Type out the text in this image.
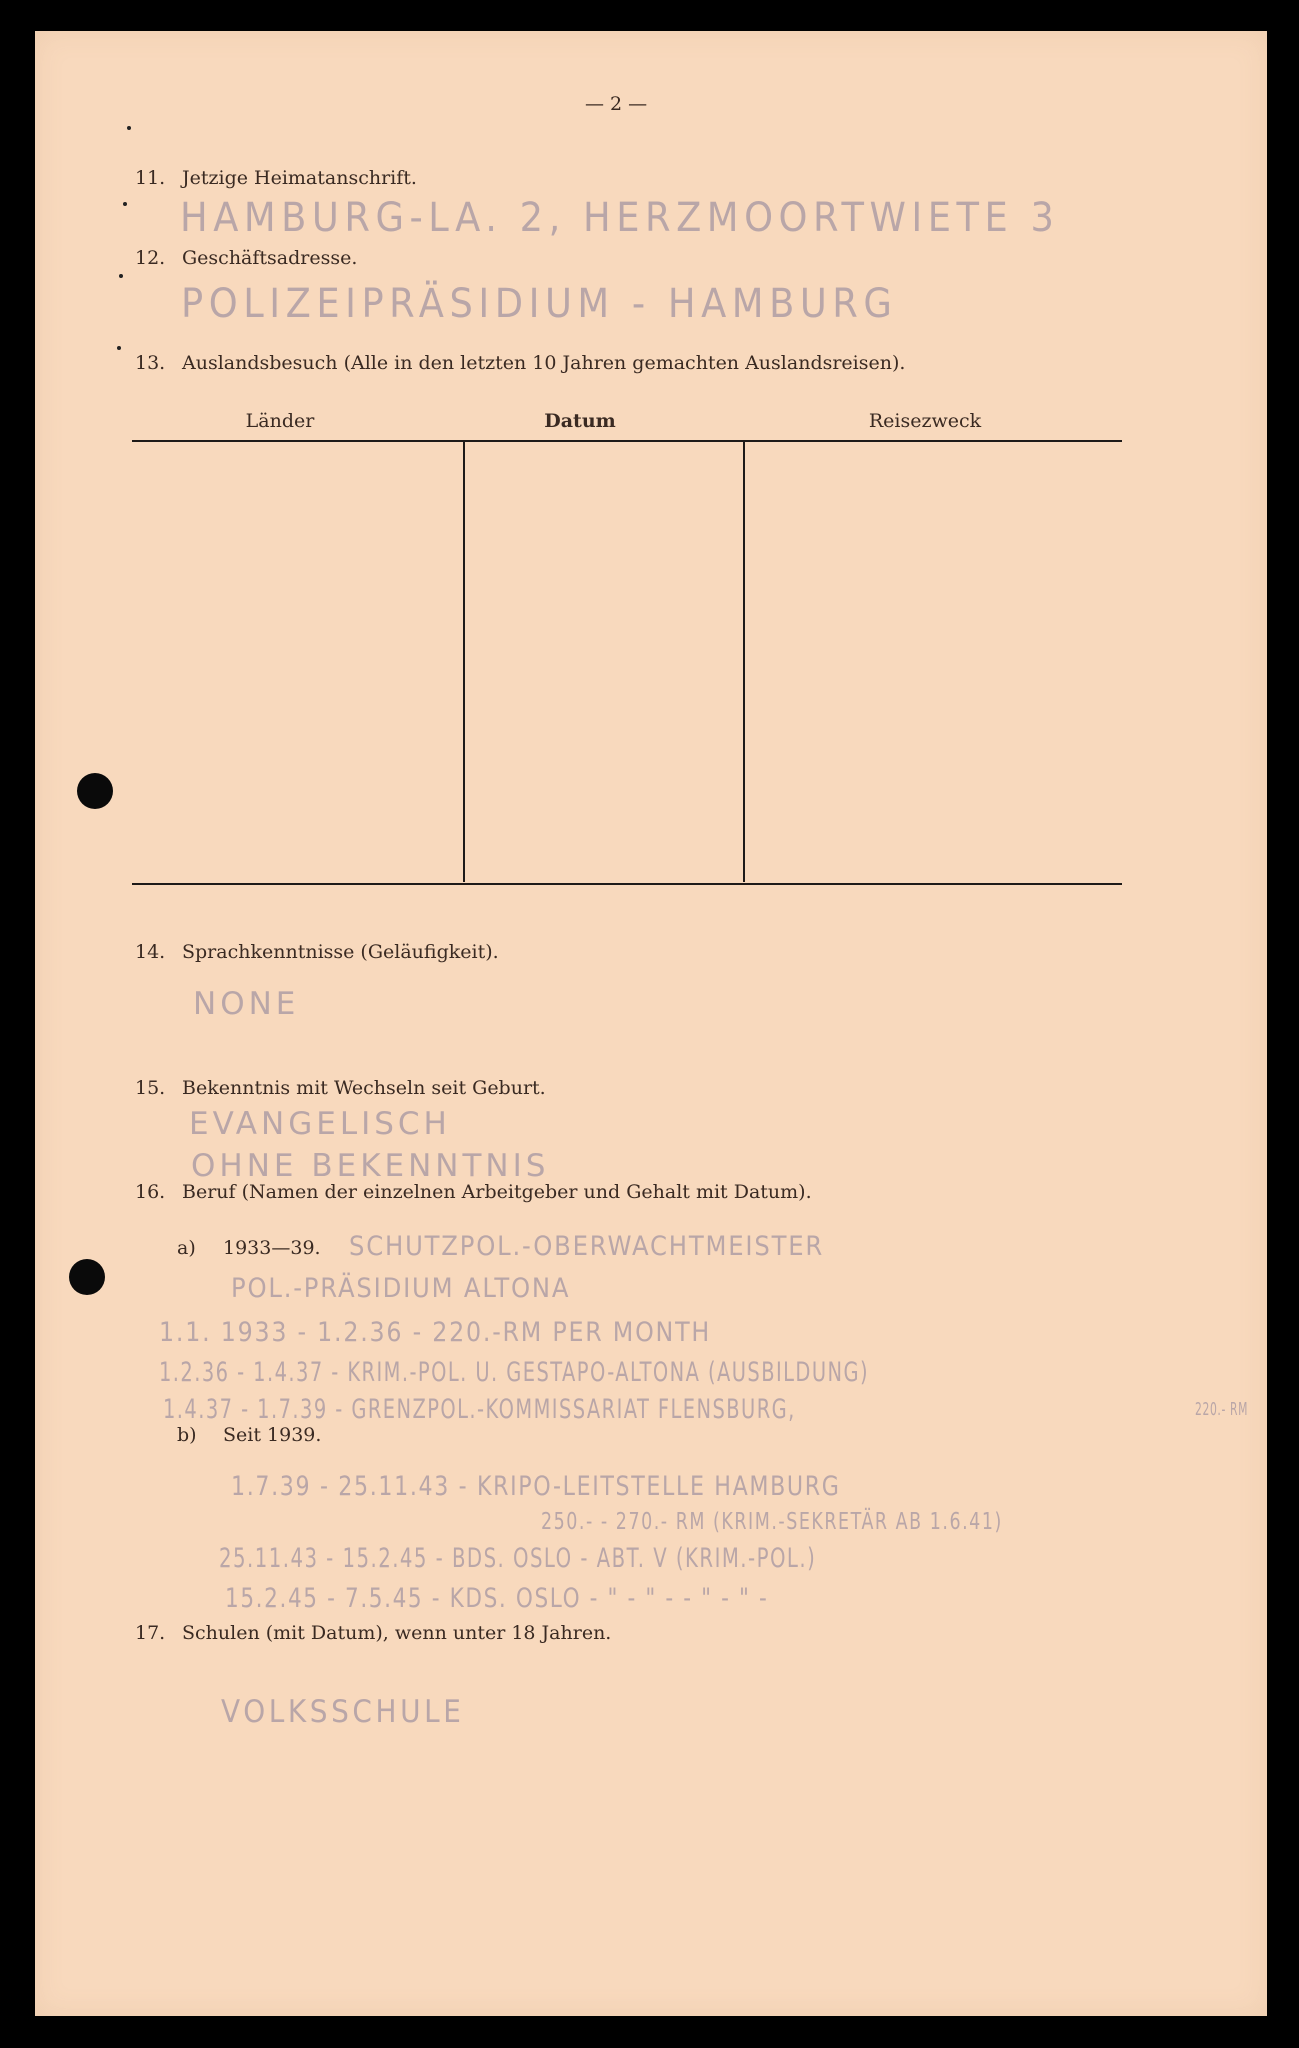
— 2 —
11. Jetzige Heimatanschrift.
HAMBURG-LA. 2, HERZMOORTWIETE 3
12. Geschäftsadresse.
POLIZEIPRÄSIDIUM - HAMBURG
13. Auslandsbesuch (Alle in den letzten 10 Jahren gemachten Auslandsreisen).
Länder	Datum	Reisezweck
14. Sprachkenntnisse (Geläufigkeit).
NONE
15. Bekenntnis mit Wechseln seit Geburt.
EVANGELISCH
OHNE BEKENNTNIS
16. Beruf (Namen der einzelnen Arbeitgeber und Gehalt mit Datum).
a) 1933—39. SCHUTZPOL.-OBERWACHTMEISTER
POL.-PRÄSIDIUM ALTONA
1.1. 1933 - 1.2.36 - 220.-RM PER MONTH
1.2.36 - 1.4.37 - KRIM.-POL. U. GESTAPO-ALTONA (AUSBILDUNG)
1.4.37 - 1.7.39 - GRENZPOL.-KOMMISSARIAT FLENSBURG,
b) Seit 1939.
220.- RM
1.7.39 - 25.11.43 - KRIPO-LEITSTELLE HAMBURG
250.- - 270.- RM (KRIM.-SEKRETÄR AB 1.6.41)
25.11.43 - 15.2.45 - BDS. OSLO - ABT. V (KRIM.-POL.)
15.2.45 - 7.5.45 - KDS. OSLO - " - " - - " - " -
17. Schulen (mit Datum), wenn unter 18 Jahren.
VOLKSSCHULE
